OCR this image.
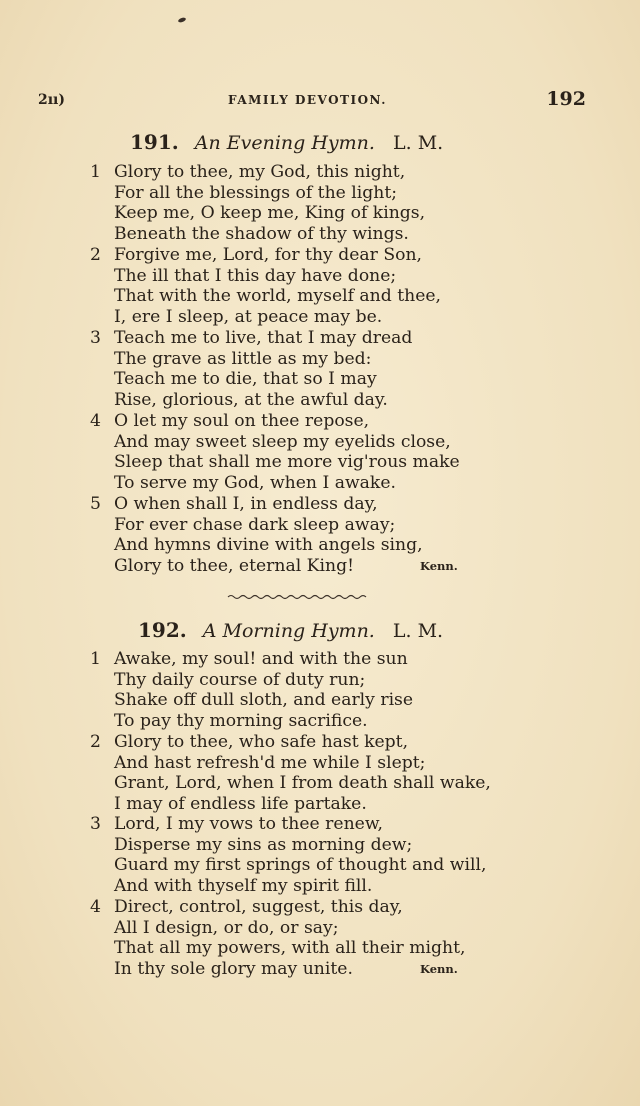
2ıı)	FAMILY DEVOTION.	192
191. An Evening Hymn. L. M.
1 Glory to thee, my God, this night,
For all the blessings of the light;
Keep me, O keep me, King of kings,
Beneath the shadow of thy wings.
2 Forgive me, Lord, for thy dear Son,
The ill that I this day have done;
That with the world, myself and thee,
I, ere I sleep, at peace may be.
3 Teach me to live, that I may dread
The grave as little as my bed:
Teach me to die, that so I may
Rise, glorious, at the awful day.
4 O let my soul on thee repose,
And may sweet sleep my eyelids close,
Sleep that shall me more vig'rous make
To serve my God, when I awake.
5 O when shall I, in endless day,
For ever chase dark sleep away;
And hymns divine with angels sing,
Glory to thee, eternal King!	Kenn.
192. A Morning Hymn. L. M.
1 Awake, my soul! and with the sun
Thy daily course of duty run;
Shake off dull sloth, and early rise
To pay thy morning sacrifice.
2 Glory to thee, who safe hast kept,
And hast refresh'd me while I slept;
Grant, Lord, when I from death shall wake,
I may of endless life partake.
3 Lord, I my vows to thee renew,
Disperse my sins as morning dew;
Guard my first springs of thought and will,
And with thyself my spirit fill.
4 Direct, control, suggest, this day,
All I design, or do, or say;
That all my powers, with all their might,
In thy sole glory may unite.	Kenn.
